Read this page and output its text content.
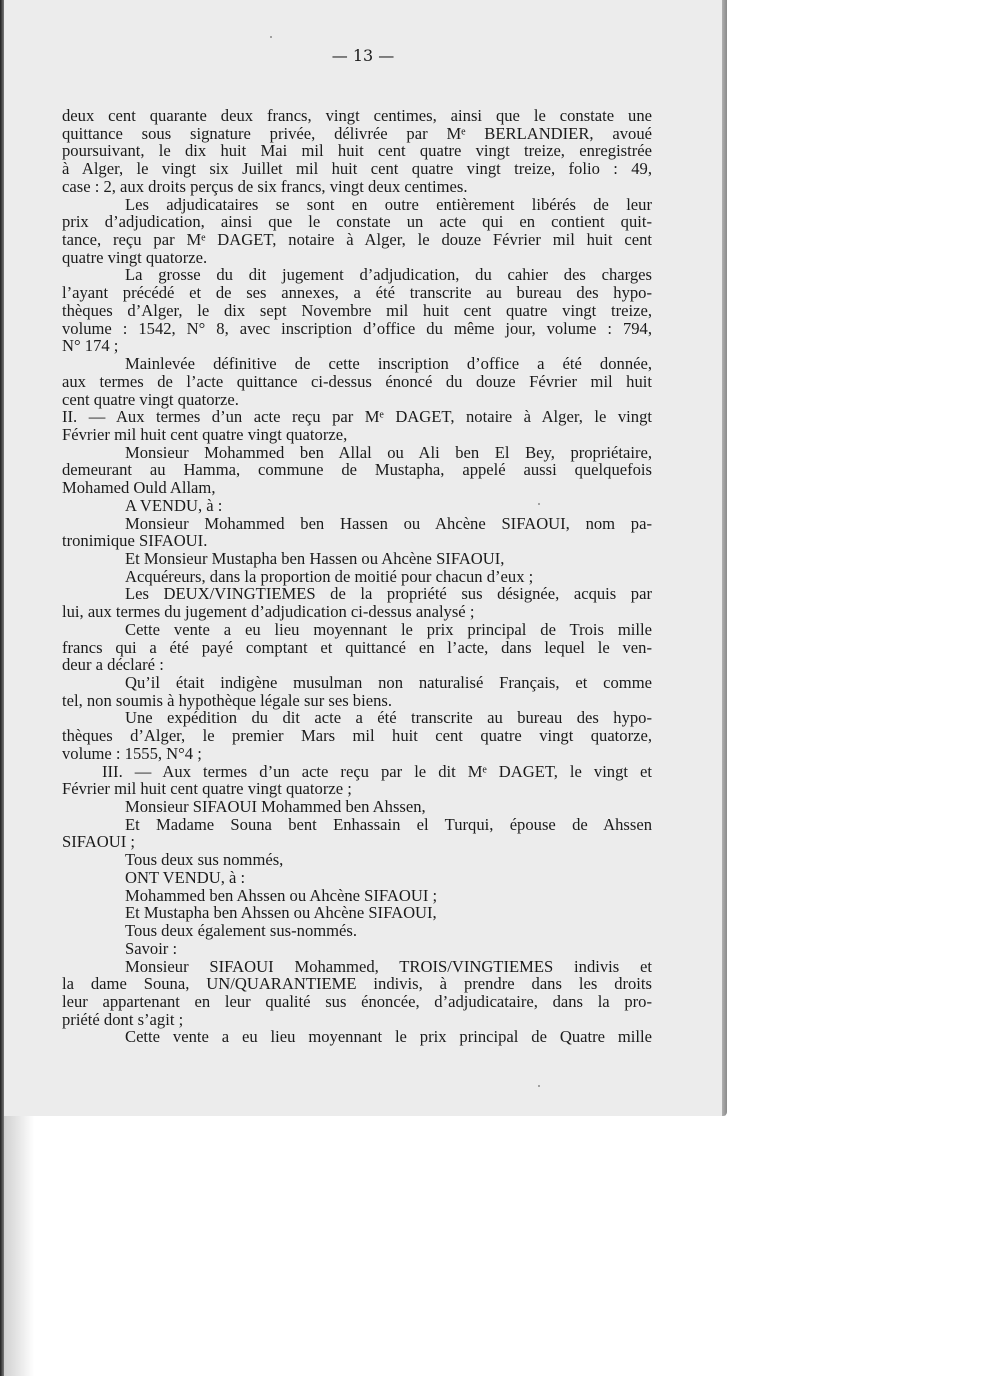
— 13 —
deux cent quarante deux francs, vingt centimes, ainsi que le constate une
quittance sous signature privée, délivrée par Mᵉ BERLANDIER, avoué
poursuivant, le dix huit Mai mil huit cent quatre vingt treize, enregistrée
à Alger, le vingt six Juillet mil huit cent quatre vingt treize, folio : 49,
case : 2, aux droits perçus de six francs, vingt deux centimes.
Les adjudicataires se sont en outre entièrement libérés de leur
prix d’adjudication, ainsi que le constate un acte qui en contient quit-
tance, reçu par Mᵉ DAGET, notaire à Alger, le douze Février mil huit cent
quatre vingt quatorze.
La grosse du dit jugement d’adjudication, du cahier des charges
l’ayant précédé et de ses annexes, a été transcrite au bureau des hypo-
thèques d’Alger, le dix sept Novembre mil huit cent quatre vingt treize,
volume : 1542, N° 8, avec inscription d’office du même jour, volume : 794,
N° 174 ;
Mainlevée définitive de cette inscription d’office a été donnée,
aux termes de l’acte quittance ci-dessus énoncé du douze Février mil huit
cent quatre vingt quatorze.
II. — Aux termes d’un acte reçu par Mᵉ DAGET, notaire à Alger, le vingt
Février mil huit cent quatre vingt quatorze,
Monsieur Mohammed ben Allal ou Ali ben El Bey, propriétaire,
demeurant au Hamma, commune de Mustapha, appelé aussi quelquefois
Mohamed Ould Allam,
A VENDU, à :
Monsieur Mohammed ben Hassen ou Ahcène SIFAOUI, nom pa-
tronimique SIFAOUI.
Et Monsieur Mustapha ben Hassen ou Ahcène SIFAOUI,
Acquéreurs, dans la proportion de moitié pour chacun d’eux ;
Les DEUX/VINGTIEMES de la propriété sus désignée, acquis par
lui, aux termes du jugement d’adjudication ci-dessus analysé ;
Cette vente a eu lieu moyennant le prix principal de Trois mille
francs qui a été payé comptant et quittancé en l’acte, dans lequel le ven-
deur a déclaré :
Qu’il était indigène musulman non naturalisé Français, et comme
tel, non soumis à hypothèque légale sur ses biens.
Une expédition du dit acte a été transcrite au bureau des hypo-
thèques d’Alger, le premier Mars mil huit cent quatre vingt quatorze,
volume : 1555, N°4 ;
III. — Aux termes d’un acte reçu par le dit Mᵉ DAGET, le vingt et
Février mil huit cent quatre vingt quatorze ;
Monsieur SIFAOUI Mohammed ben Ahssen,
Et Madame Souna bent Enhassain el Turqui, épouse de Ahssen
SIFAOUI ;
Tous deux sus nommés,
ONT VENDU, à :
Mohammed ben Ahssen ou Ahcène SIFAOUI ;
Et Mustapha ben Ahssen ou Ahcène SIFAOUI,
Tous deux également sus-nommés.
Savoir :
Monsieur SIFAOUI Mohammed, TROIS/VINGTIEMES indivis et
la dame Souna, UN/QUARANTIEME indivis, à prendre dans les droits
leur appartenant en leur qualité sus énoncée, d’adjudicataire, dans la pro-
priété dont s’agit ;
Cette vente a eu lieu moyennant le prix principal de Quatre mille
